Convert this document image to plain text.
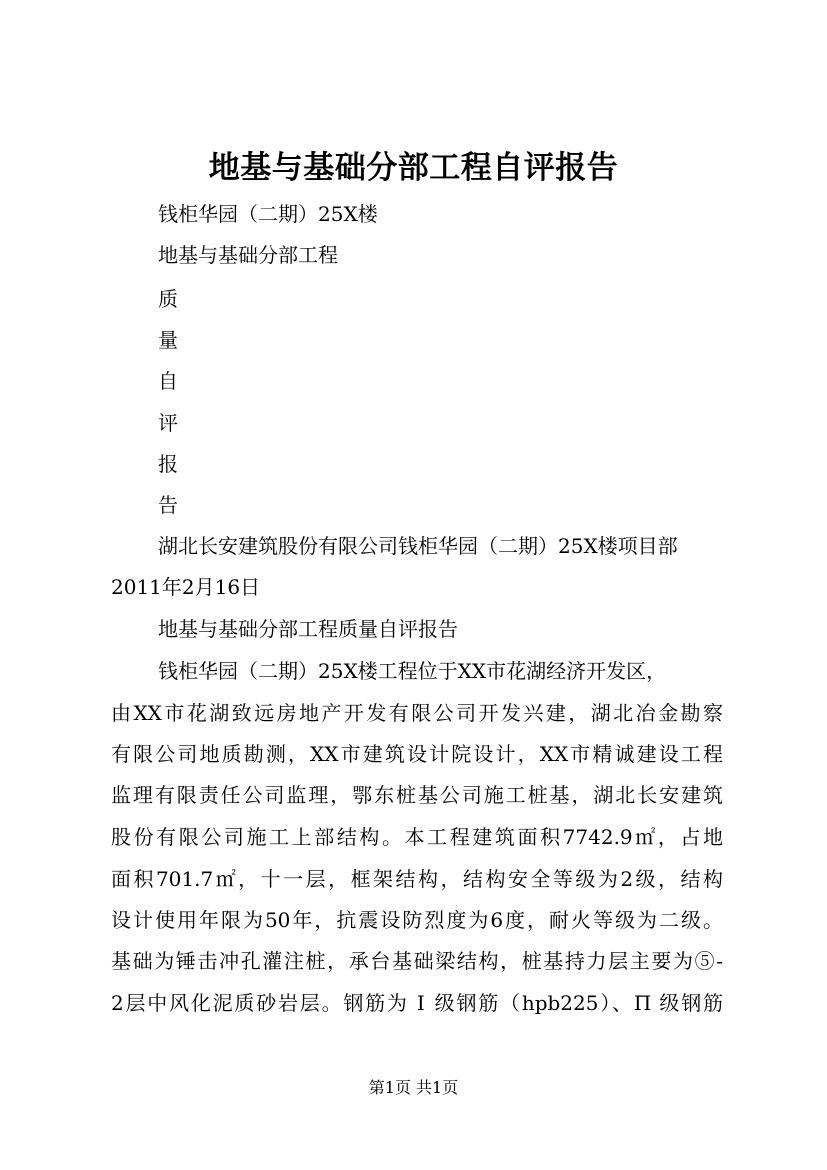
地基与基础分部工程自评报告
钱柜华园（二期）25X楼
地基与基础分部工程
质
量
自
评
报
告
湖北长安建筑股份有限公司钱柜华园（二期）25X楼项目部
2011年2月16日
地基与基础分部工程质量自评报告
钱柜华园（二期）25X楼工程位于XX市花湖经济开发区，
由XX市花湖致远房地产开发有限公司开发兴建，湖北冶金勘察
有限公司地质勘测，XX市建筑设计院设计，XX市精诚建设工程
监理有限责任公司监理，鄂东桩基公司施工桩基，湖北长安建筑
股份有限公司施工上部结构。本工程建筑面积7742.9㎡，占地
面积701.7㎡，十一层，框架结构，结构安全等级为2级，结构
设计使用年限为50年，抗震设防烈度为6度，耐火等级为二级。
基础为锤击冲孔灌注桩，承台基础梁结构，桩基持力层主要为⑤-
2层中风化泥质砂岩层。钢筋为 Ⅰ 级钢筋（hpb225）、Π 级钢筋
第1页 共1页
